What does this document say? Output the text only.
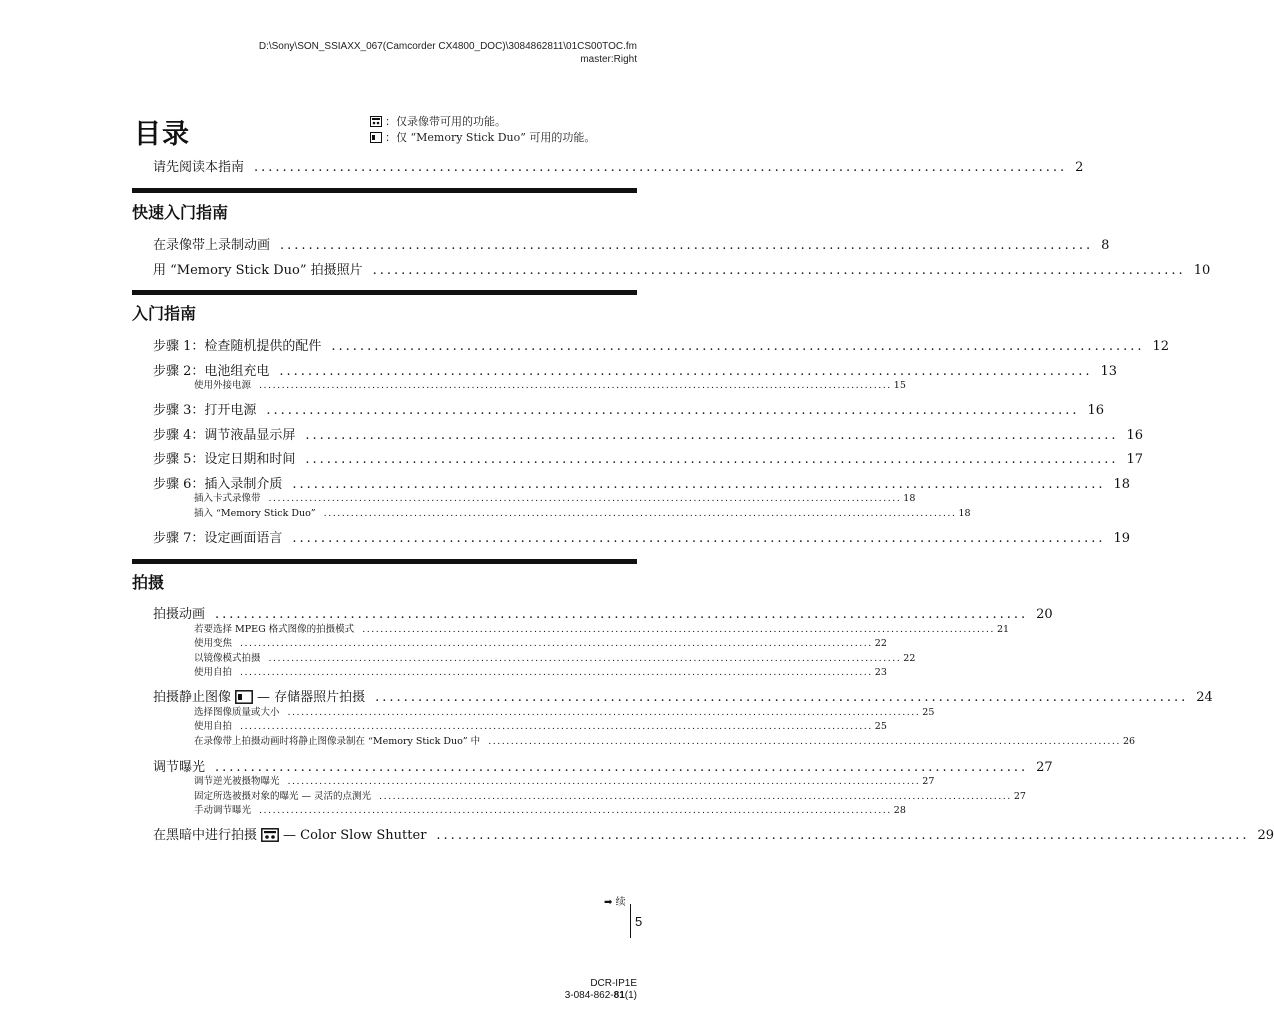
D:\Sony\SON_SSIAXX_067(Camcorder CX4800_DOC)\3084862811\01CS00TOC.fm
master:Right
目录	：仅录像带可用的功能。
：仅 “Memory Stick Duo” 可用的功能。
请先阅读本指南 .................................................................................................................. 2
快速入门指南
在录像带上录制动画 .................................................................................................................. 8
用 “Memory Stick Duo” 拍摄照片 .................................................................................................................. 10
入门指南
步骤 1：检查随机提供的配件 .................................................................................................................. 12
步骤 2：电池组充电 .................................................................................................................. 13
使用外接电源 ............................................................................................................................................ 15
步骤 3：打开电源 .................................................................................................................. 16
步骤 4：调节液晶显示屏 .................................................................................................................. 16
步骤 5：设定日期和时间 .................................................................................................................. 17
步骤 6：插入录制介质 .................................................................................................................. 18
插入卡式录像带 ............................................................................................................................................ 18
插入 “Memory Stick Duo” ............................................................................................................................................ 18
步骤 7：设定画面语言 .................................................................................................................. 19
拍摄
拍摄动画 .................................................................................................................. 20
若要选择 MPEG 格式图像的拍摄模式 ............................................................................................................................................ 21
使用变焦 ............................................................................................................................................ 22
以镜像模式拍摄 ............................................................................................................................................ 22
使用自拍 ............................................................................................................................................ 23
拍摄静止图像 — 存储器照片拍摄 .................................................................................................................. 24
选择图像质量或大小 ............................................................................................................................................ 25
使用自拍 ............................................................................................................................................ 25
在录像带上拍摄动画时将静止图像录制在 “Memory Stick Duo” 中 ............................................................................................................................................ 26
调节曝光 .................................................................................................................. 27
调节逆光被摄物曝光 ............................................................................................................................................ 27
固定所选被摄对象的曝光 — 灵活的点测光 ............................................................................................................................................ 27
手动调节曝光 ............................................................................................................................................ 28
在黑暗中进行拍摄 — Color Slow Shutter .................................................................................................................. 29
➡ 续
5
DCR-IP1E
3-084-862-81(1)
